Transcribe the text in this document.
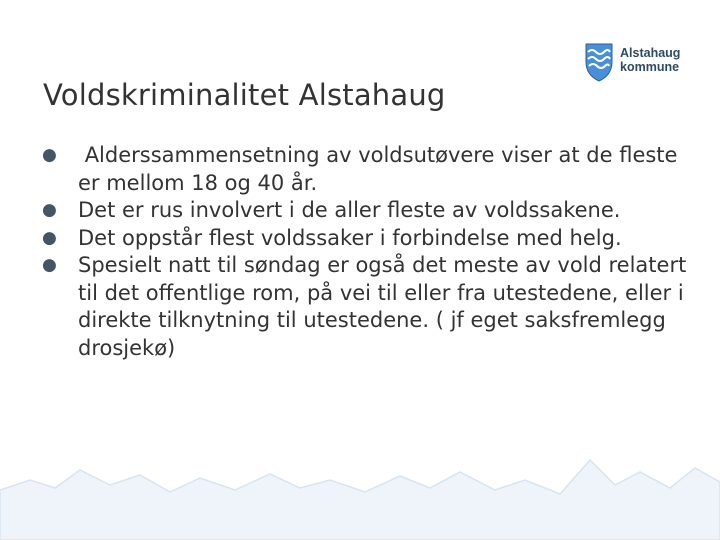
Voldskriminalitet Alstahaug
Alstahaug
kommune
●	Alderssammensetning av voldsutøvere viser at de fleste er mellom 18 og 40 år.
●	Det er rus involvert i de aller fleste av voldssakene.
●	Det oppstår flest voldssaker i forbindelse med helg.
●	Spesielt natt til søndag er også det meste av vold relatert til det offentlige rom, på vei til eller fra utestedene, eller i direkte tilknytning til utestedene. ( jf eget saksfremlegg drosjekø)
